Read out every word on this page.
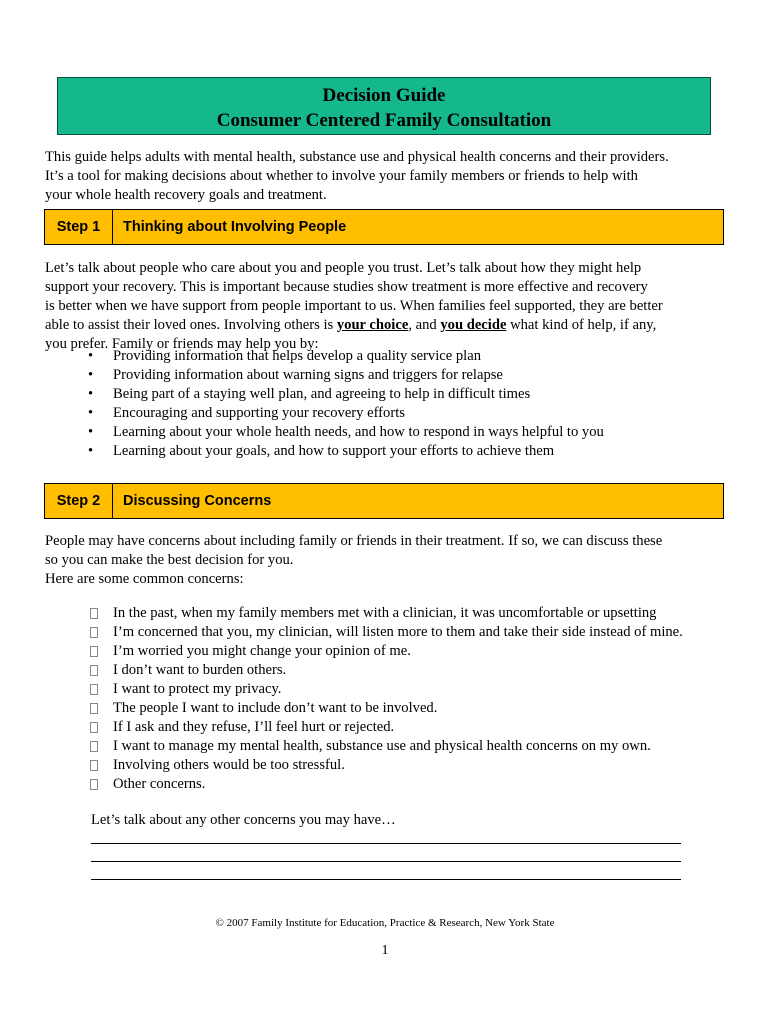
Decision Guide
Consumer Centered Family Consultation
This guide helps adults with mental health, substance use and physical health concerns and their providers.
It’s a tool for making decisions about whether to involve your family members or friends to help with
your whole health recovery goals and treatment.
Step 1	Thinking about Involving People
Let’s talk about people who care about you and people you trust. Let’s talk about how they might help
support your recovery. This is important because studies show treatment is more effective and recovery
is better when we have support from people important to us. When families feel supported, they are better
able to assist their loved ones. Involving others is your choice, and you decide what kind of help, if any,
you prefer. Family or friends may help you by:
• Providing information that helps develop a quality service plan
• Providing information about warning signs and triggers for relapse
• Being part of a staying well plan, and agreeing to help in difficult times
• Encouraging and supporting your recovery efforts
• Learning about your whole health needs, and how to respond in ways helpful to you
• Learning about your goals, and how to support your efforts to achieve them
Step 2	Discussing Concerns
People may have concerns about including family or friends in their treatment. If so, we can discuss these
so you can make the best decision for you.
Here are some common concerns:
In the past, when my family members met with a clinician, it was uncomfortable or upsetting
I’m concerned that you, my clinician, will listen more to them and take their side instead of mine.
I’m worried you might change your opinion of me.
I don’t want to burden others.
I want to protect my privacy.
The people I want to include don’t want to be involved.
If I ask and they refuse, I’ll feel hurt or rejected.
I want to manage my mental health, substance use and physical health concerns on my own.
Involving others would be too stressful.
Other concerns.
Let’s talk about any other concerns you may have…
© 2007 Family Institute for Education, Practice & Research, New York State
1
